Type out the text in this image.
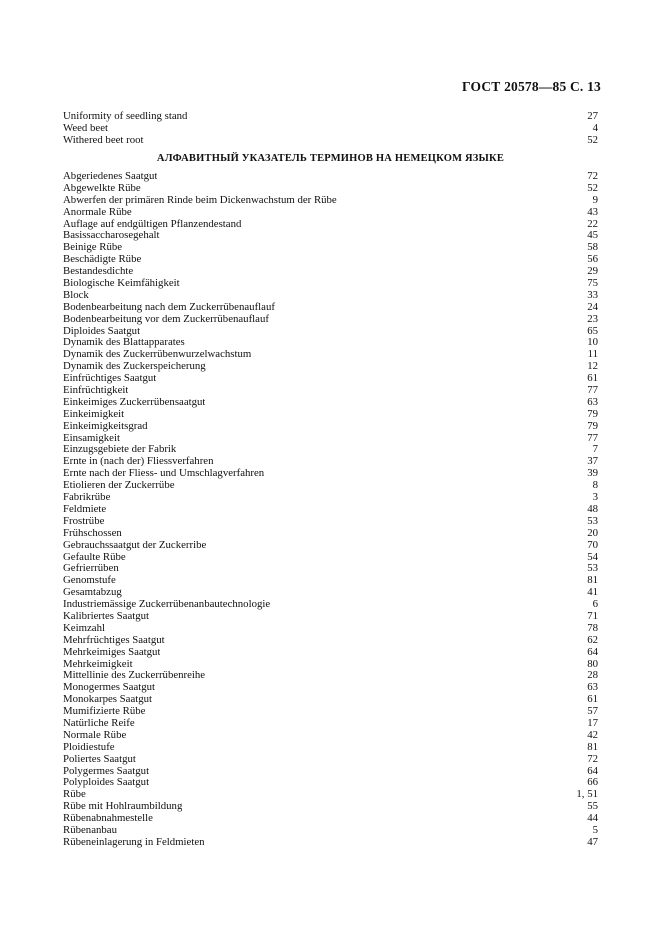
ГОСТ 20578—85 С. 13
Uniformity of seedling stand	27
Weed beet	4
Withered beet root	52
АЛФАВИТНЫЙ УКАЗАТЕЛЬ ТЕРМИНОВ НА НЕМЕЦКОМ ЯЗЫКЕ
Abgeriedenes Saatgut	72
Abgewelkte Rübe	52
Abwerfen der primären Rinde beim Dickenwachstum der Rübe	9
Anormale Rübe	43
Auflage auf endgültigen Pflanzendestand	22
Basissaccharosegehalt	45
Beinige Rübe	58
Beschädigte Rübe	56
Bestandesdichte	29
Biologische Keimfähigkeit	75
Block	33
Bodenbearbeitung nach dem Zuckerrübenauflauf	24
Bodenbearbeitung vor dem Zuckerrübenauflauf	23
Diploides Saatgut	65
Dynamik des Blattapparates	10
Dynamik des Zuckerrübenwurzelwachstum	11
Dynamik des Zuckerspeicherung	12
Einfrüchtiges Saatgut	61
Einfrüchtigkeit	77
Einkeimiges Zuckerrübensaatgut	63
Einkeimigkeit	79
Einkeimigkeitsgrad	79
Einsamigkeit	77
Einzugsgebiete der Fabrik	7
Ernte in (nach der) Fliessverfahren	37
Ernte nach der Fliess- und Umschlagverfahren	39
Etiolieren der Zuckerrübe	8
Fabrikrübe	3
Feldmiete	48
Frostrübe	53
Frühschossen	20
Gebrauchssaatgut der Zuckerribe	70
Gefaulte Rübe	54
Gefrierrüben	53
Genomstufe	81
Gesamtabzug	41
Industriemässige Zuckerrübenanbautechnologie	6
Kalibriertes Saatgut	71
Keimzahl	78
Mehrfrüchtiges Saatgut	62
Mehrkeimiges Saatgut	64
Mehrkeimigkeit	80
Mittellinie des Zuckerrübenreihe	28
Monogermes Saatgut	63
Monokarpes Saatgut	61
Mumifizierte Rübe	57
Natürliche Reife	17
Normale Rübe	42
Ploidiestufe	81
Poliertes Saatgut	72
Polygermes Saatgut	64
Polyploides Saatgut	66
Rübe	1, 51
Rübe mit Hohlraumbildung	55
Rübenabnahmestelle	44
Rübenanbau	5
Rübeneinlagerung in Feldmieten	47
